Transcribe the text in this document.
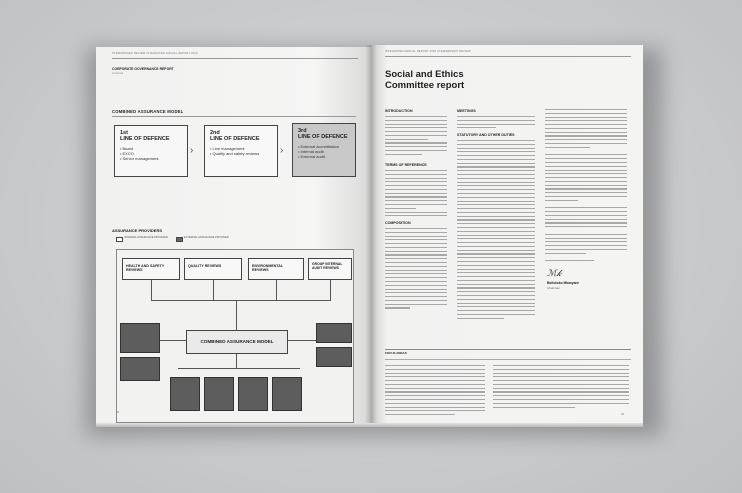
STEWARDSHIP REVIEW INTEGRATED ANNUAL REPORT 2020
CORPORATE GOVERNANCE REPORT
continued
COMBINED ASSURANCE MODEL
1st
LINE OF DEFENCE
• Board
• EXCO
• Senior management
›
2nd
LINE OF DEFENCE
• Line management
• Quality and safety reviews ›
3rd
LINE OF DEFENCE
• External accreditation
• Internal audit
• External audit
ASSURANCE PROVIDERS
INTERNAL ASSURANCE PROVIDER	EXTERNAL ASSURANCE PROVIDER
HEALTH AND SAFETY REVIEWS
QUALITY REVIEWS	ENVIRONMENTAL REVIEWS
GROUP INTERNAL AUDIT REVIEWS
COMBINED ASSURANCE MODEL
98
INTEGRATED ANNUAL REPORT 2020 STEWARDSHIP REVIEW
Social and Ethics
Committee report
INTRODUCTION
TERMS OF REFERENCE
COMPOSITION
MEETINGS
STATUTORY AND OTHER DUTIES
ℳ𝓀
Boitshoko Mbanyane
Chairman
FOCUS AREAS
99
